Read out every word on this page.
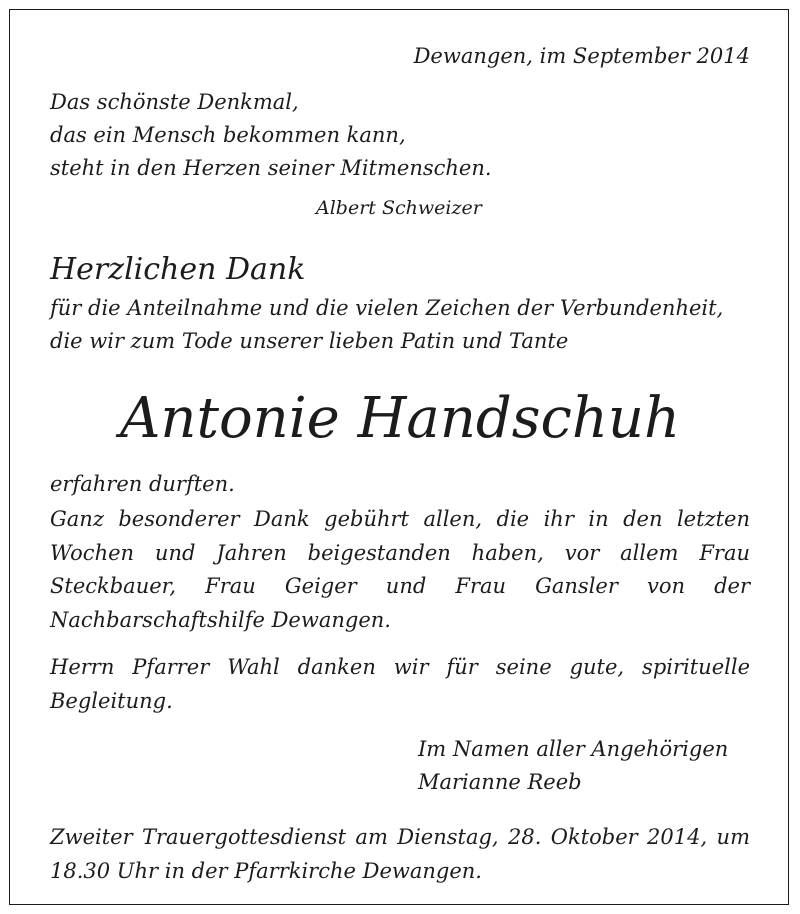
Dewangen, im September 2014

Das schönste Denkmal,
das ein Mensch bekommen kann,
steht in den Herzen seiner Mitmenschen.

Albert Schweizer

Herzlichen Dank

für die Anteilnahme und die vielen Zeichen der Verbundenheit,
die wir zum Tode unserer lieben Patin und Tante

Antonie Handschuh

erfahren durften.

Ganz besonderer Dank gebührt allen, die ihr in den letzten Wochen und Jahren beigestanden haben, vor allem Frau Steckbauer, Frau Geiger und Frau Gansler von der Nachbarschaftshilfe Dewangen.

Herrn Pfarrer Wahl danken wir für seine gute, spirituelle Begleitung.

Im Namen aller Angehörigen
Marianne Reeb

Zweiter Trauergottesdienst am Dienstag, 28. Oktober 2014, um 18.30 Uhr in der Pfarrkirche Dewangen.
